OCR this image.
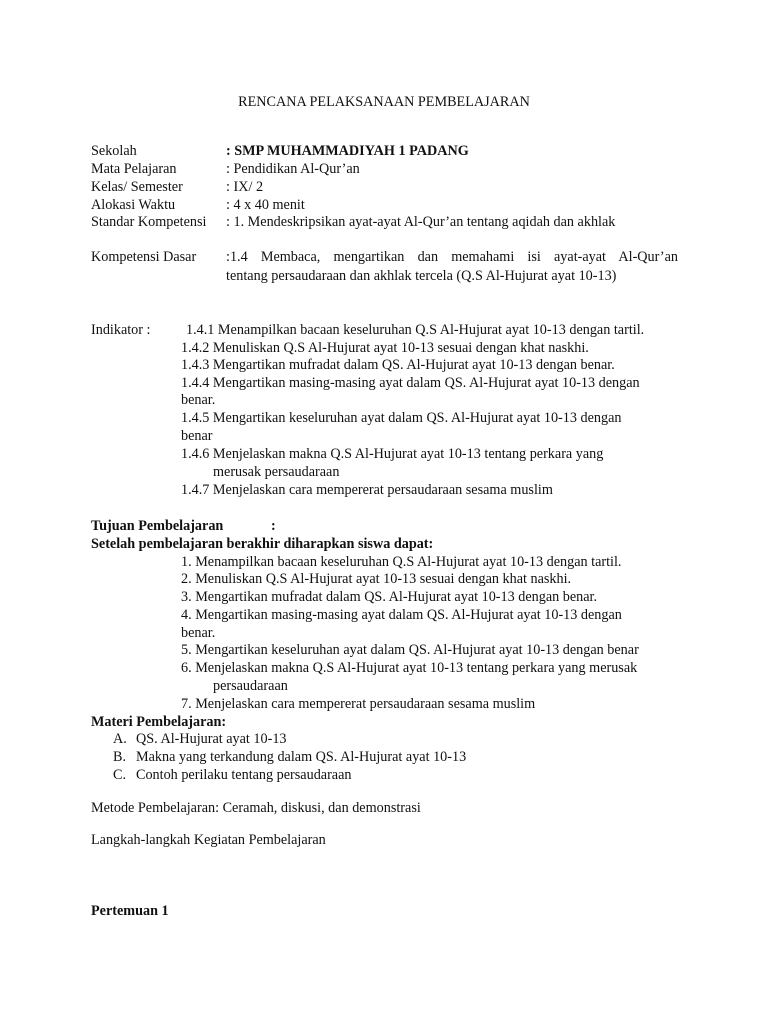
RENCANA PELAKSANAAN PEMBELAJARAN
Sekolah	: SMP MUHAMMADIYAH 1 PADANG
Mata Pelajaran	: Pendidikan Al-Qur’an
Kelas/ Semester	: IX/ 2
Alokasi Waktu	: 4 x 40 menit
Standar Kompetensi : 1. Mendeskripsikan ayat-ayat Al-Qur’an tentang aqidah dan akhlak
Kompetensi Dasar :1.4 Membaca, mengartikan dan memahami isi ayat-ayat Al-Qur’an
tentang persaudaraan dan akhlak tercela (Q.S Al-Hujurat ayat 10-13)
Indikator :	1.4.1 Menampilkan bacaan keseluruhan Q.S Al-Hujurat ayat 10-13 dengan tartil.
1.4.2 Menuliskan Q.S Al-Hujurat ayat 10-13 sesuai dengan khat naskhi.
1.4.3 Mengartikan mufradat dalam QS. Al-Hujurat ayat 10-13 dengan benar.
1.4.4 Mengartikan masing-masing ayat dalam QS. Al-Hujurat ayat 10-13 dengan
benar.
1.4.5 Mengartikan keseluruhan ayat dalam QS. Al-Hujurat ayat 10-13 dengan
benar
1.4.6 Menjelaskan makna Q.S Al-Hujurat ayat 10-13 tentang perkara yang
merusak persaudaraan
1.4.7 Menjelaskan cara mempererat persaudaraan sesama muslim
Tujuan Pembelajaran	:
Setelah pembelajaran berakhir diharapkan siswa dapat:
1. Menampilkan bacaan keseluruhan Q.S Al-Hujurat ayat 10-13 dengan tartil.
2. Menuliskan Q.S Al-Hujurat ayat 10-13 sesuai dengan khat naskhi.
3. Mengartikan mufradat dalam QS. Al-Hujurat ayat 10-13 dengan benar.
4. Mengartikan masing-masing ayat dalam QS. Al-Hujurat ayat 10-13 dengan
benar.
5. Mengartikan keseluruhan ayat dalam QS. Al-Hujurat ayat 10-13 dengan benar
6. Menjelaskan makna Q.S Al-Hujurat ayat 10-13 tentang perkara yang merusak
persaudaraan
7. Menjelaskan cara mempererat persaudaraan sesama muslim
Materi Pembelajaran:
A. QS. Al-Hujurat ayat 10-13
B. Makna yang terkandung dalam QS. Al-Hujurat ayat 10-13
C. Contoh perilaku tentang persaudaraan
Metode Pembelajaran: Ceramah, diskusi, dan demonstrasi
Langkah-langkah Kegiatan Pembelajaran
Pertemuan 1
